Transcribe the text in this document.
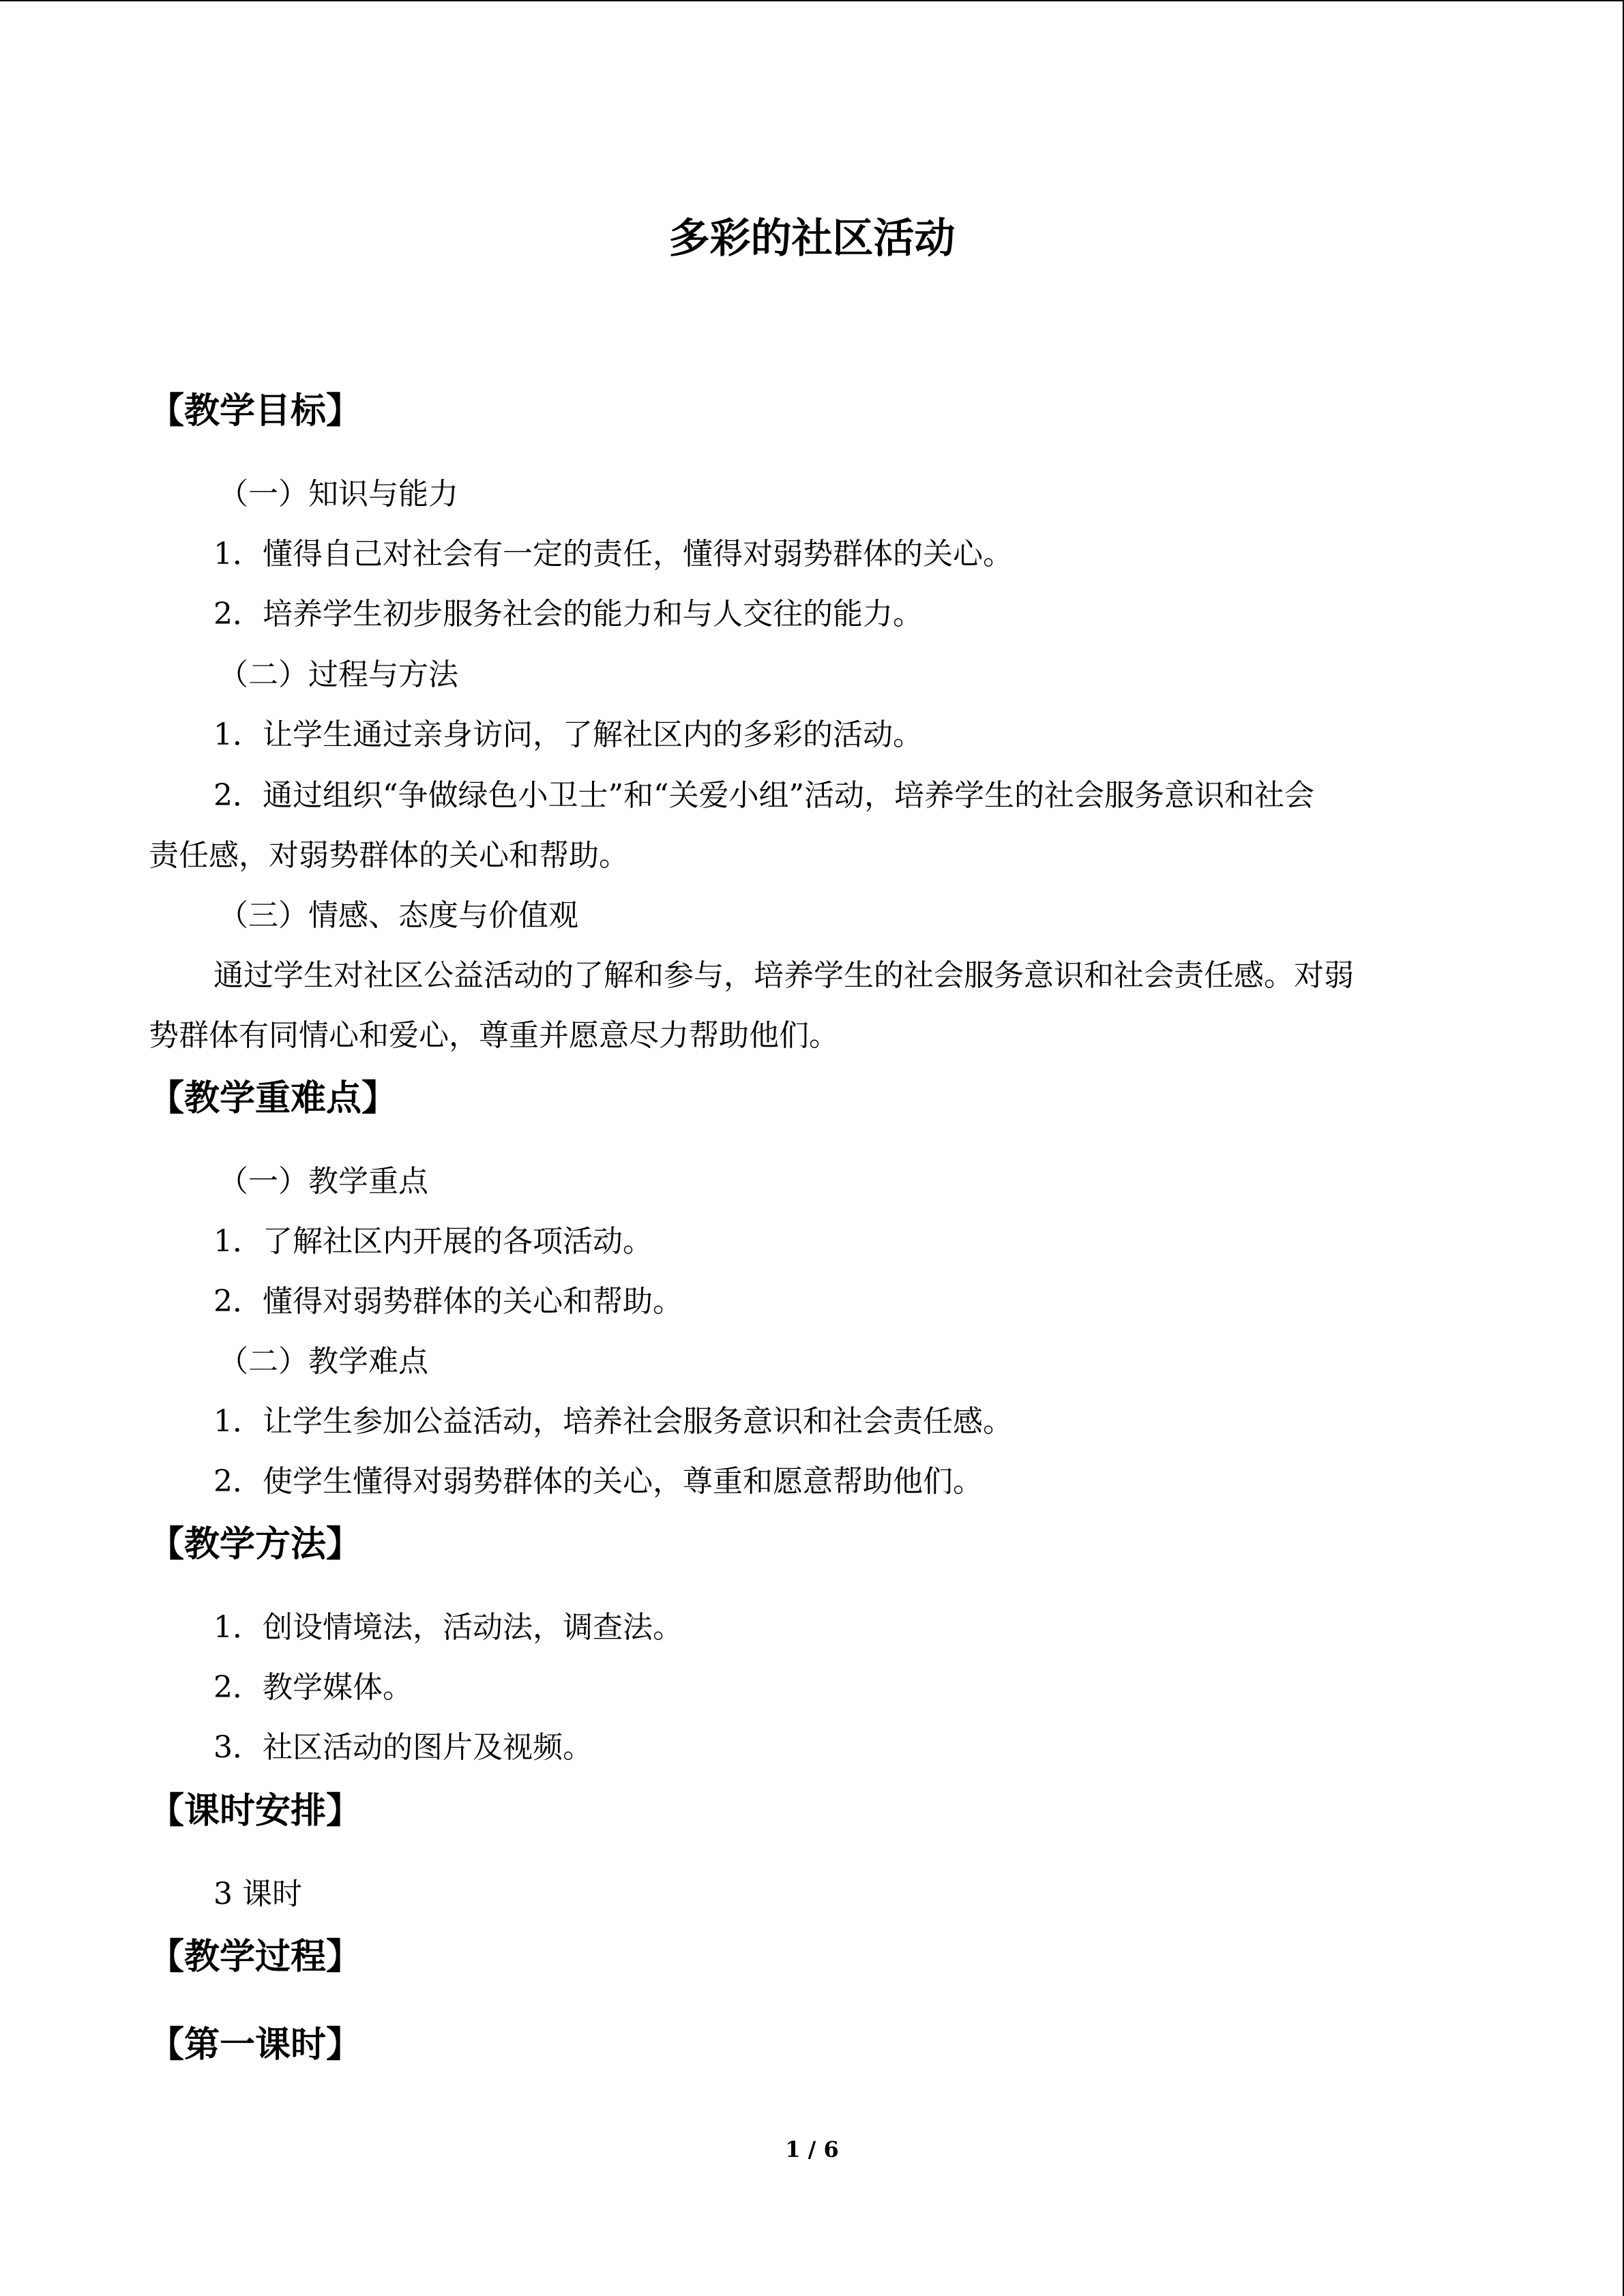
多彩的社区活动
【教学目标】
（一）知识与能力
1．懂得自己对社会有一定的责任，懂得对弱势群体的关心。
2．培养学生初步服务社会的能力和与人交往的能力。
（二）过程与方法
1．让学生通过亲身访问，了解社区内的多彩的活动。
2．通过组织“争做绿色小卫士”和“关爱小组”活动，培养学生的社会服务意识和社会
责任感，对弱势群体的关心和帮助。
（三）情感、态度与价值观
通过学生对社区公益活动的了解和参与，培养学生的社会服务意识和社会责任感。对弱
势群体有同情心和爱心，尊重并愿意尽力帮助他们。
【教学重难点】
（一）教学重点
1．了解社区内开展的各项活动。
2．懂得对弱势群体的关心和帮助。
（二）教学难点
1．让学生参加公益活动，培养社会服务意识和社会责任感。
2．使学生懂得对弱势群体的关心，尊重和愿意帮助他们。
【教学方法】
1．创设情境法，活动法，调查法。
2．教学媒体。
3．社区活动的图片及视频。
【课时安排】
3 课时
【教学过程】
【第一课时】
1 / 6
